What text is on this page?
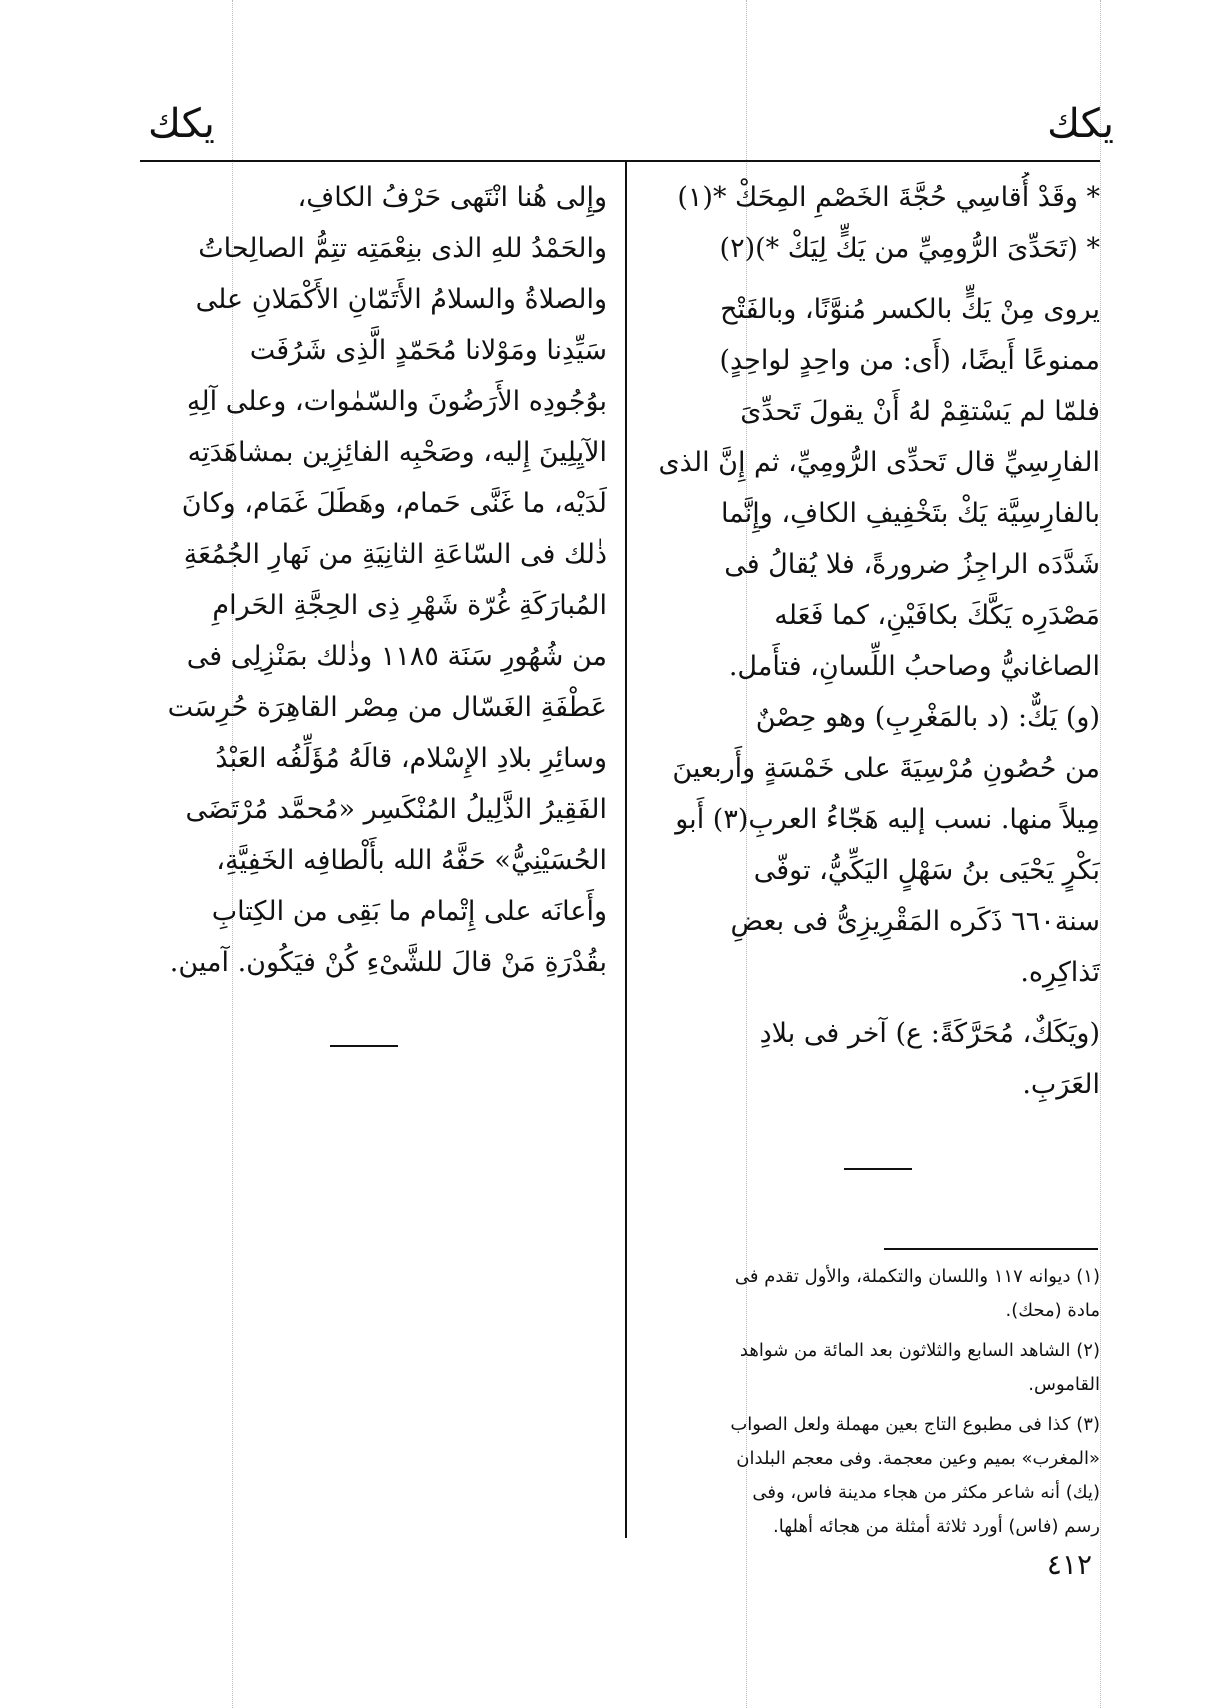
يكك
يكك
* وقَدْ أُقاسِي حُجَّةَ الخَصْمِ المِحَكْ *(١)
* (تَحَدِّىَ الرُّومِيِّ من يَكٍّ لِيَكْ *)(٢)
يروى مِنْ يَكٍّ بالكسر مُنوَّنًا، وبالفَتْح
ممنوعًا أَيضًا، (أَى: من واحِدٍ لواحِدٍ)
فلمّا لم يَسْتقِمْ لهُ أَنْ يقولَ تَحدِّىَ
الفارِسِيِّ قال تَحدِّى الرُّومِيِّ، ثم إِنَّ الذى
بالفارِسِيَّة يَكْ بتَخْفِيفِ الكافِ، وإِنَّما
شَدَّدَه الراجِزُ ضرورةً، فلا يُقالُ فى
مَصْدَرِه يَكَّكَ بكافَيْنِ، كما فَعَله
الصاغانيُّ وصاحبُ اللِّسانِ، فتأَمل.
(و) يَكٌّ: (د بالمَغْرِبِ) وهو حِصْنٌ
من حُصُونِ مُرْسِيَةَ على خَمْسَةٍ وأَربعينَ
مِيلاً منها. نسب إليه هَجّاءُ العربِ(٣) أَبو
بَكْرٍ يَحْيَى بنُ سَهْلٍ اليَكِّيُّ، توفّى
سنة٦٦٠ ذَكَره المَقْرِيزِىُّ فى بعضِ
تَذاكِرِه.
(ويَكَكٌ، مُحَرَّكَةً: ع) آخر فى بلادِ
العَرَبِ.
وإِلى هُنا انْتَهى حَرْفُ الكافِ،
والحَمْدُ للهِ الذى بنِعْمَتِه تتِمُّ الصالِحاتُ
والصلاةُ والسلامُ الأَتَمّانِ الأَكْمَلانِ على
سَيِّدِنا ومَوْلانا مُحَمّدٍ الَّذِى شَرُفَت
بوُجُودِه الأَرَضُونَ والسّمٰوات، وعلى آلِهِ
الآيِلِينَ إِليه، وصَحْبِه الفائِزِين بمشاهَدَتِه
لَدَيْه، ما غَنَّى حَمام، وهَطَلَ غَمَام، وكانَ
ذٰلك فى السّاعَةِ الثانِيَةِ من نَهارِ الجُمُعَةِ
المُبارَكَةِ غُرّة شَهْرِ ذِى الحِجَّةِ الحَرامِ
من شُهُورِ سَنَة ١١٨٥ وذٰلك بمَنْزِلِى فى
عَطْفَةِ الغَسّال من مِصْر القاهِرَة حُرِسَت
وسائِرِ بلادِ الإِسْلام، قالَهُ مُؤَلِّفُه العَبْدُ
الفَقِيرُ الذَّلِيلُ المُنْكَسِر «مُحمَّد مُرْتَضَى
الحُسَيْنِيُّ» حَفَّهُ الله بأَلْطافِه الخَفِيَّةِ،
وأَعانَه على إِتْمام ما بَقِى من الكِتابِ
بقُدْرَةِ مَنْ قالَ للشَّىْءِ كُنْ فيَكُون. آمين.
(١) ديوانه ١١٧ واللسان والتكملة، والأول تقدم فى
مادة (محك).
(٢) الشاهد السابع والثلاثون بعد المائة من شواهد
القاموس.
(٣) كذا فى مطبوع التاج بعين مهملة ولعل الصواب
«المغرب» بميم وعين معجمة. وفى معجم البلدان
(يك) أنه شاعر مكثر من هجاء مدينة فاس، وفى
رسم (فاس) أورد ثلاثة أمثلة من هجائه أهلها.
٤١٢
